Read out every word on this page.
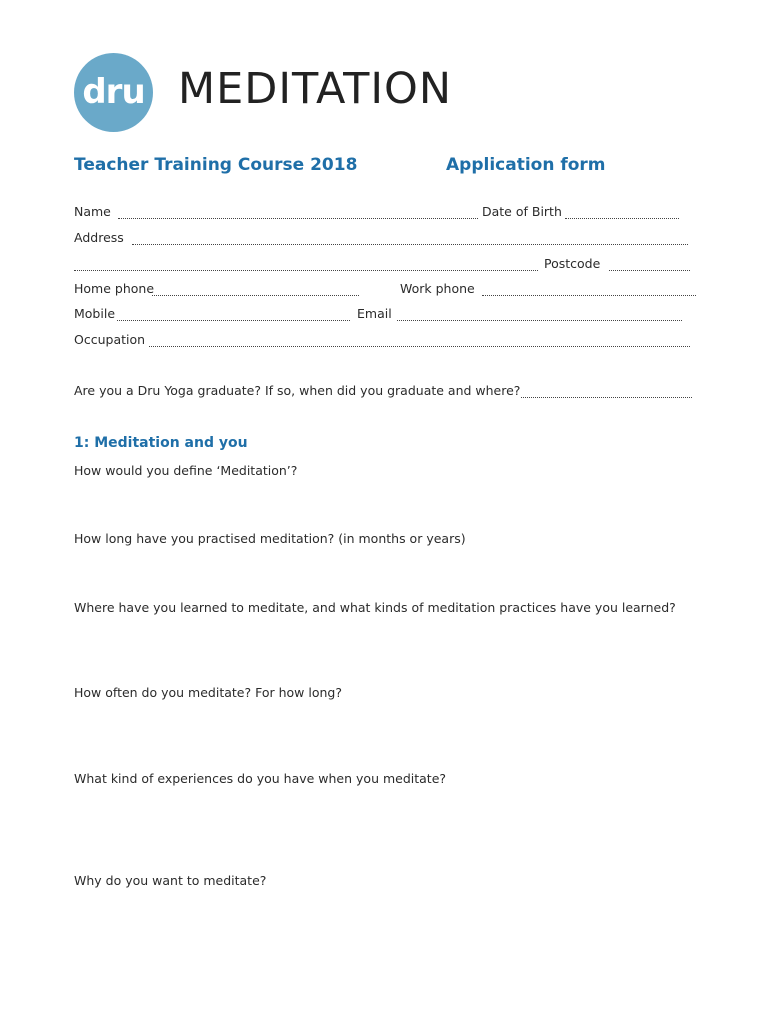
dru MEDITATION
Teacher Training Course 2018	Application form
Name	Date of Birth
Address
Postcode
Home phone	Work phone
Mobile	Email
Occupation
Are you a Dru Yoga graduate? If so, when did you graduate and where?
1: Meditation and you
How would you define ‘Meditation’?
How long have you practised meditation? (in months or years)
Where have you learned to meditate, and what kinds of meditation practices have you learned?
How often do you meditate? For how long?
What kind of experiences do you have when you meditate?
Why do you want to meditate?
